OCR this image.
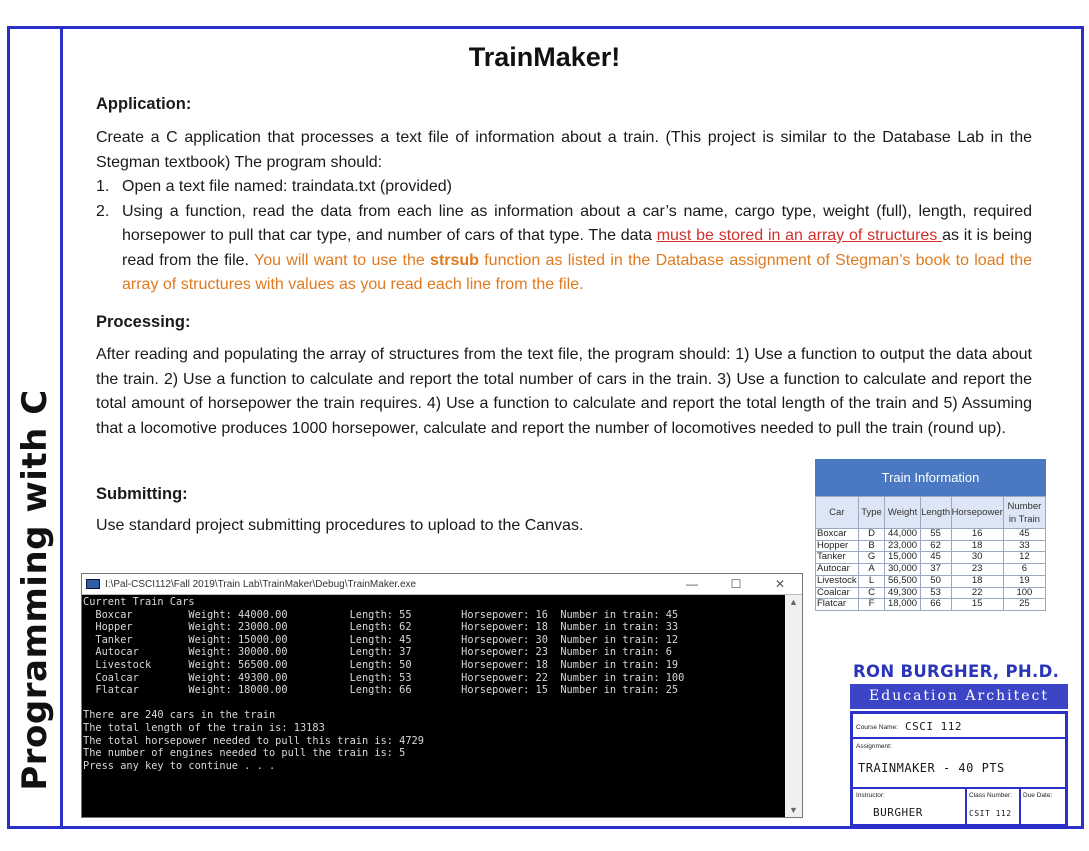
Programming with C
TrainMaker!
Application:
Create a C application that processes a text file of information about a train. (This project is similar to the Database Lab in the Stegman textbook) The program should:
1. Open a text file named: traindata.txt (provided)
2. Using a function, read the data from each line as information about a car’s name, cargo type, weight (full), length, required horsepower to pull that car type, and number of cars of that type. The data must be stored in an array of structures as it is being read from the file. You will want to use the strsub function as listed in the Database assignment of Stegman’s book to load the array of structures with values as you read each line from the file.
Processing:
After reading and populating the array of structures from the text file, the program should: 1) Use a function to output the data about the train. 2) Use a function to calculate and report the total number of cars in the train. 3) Use a function to calculate and report the total amount of horsepower the train requires. 4) Use a function to calculate and report the total length of the train and 5) Assuming that a locomotive produces 1000 horsepower, calculate and report the number of locomotives needed to pull the train (round up).
Submitting:
Use standard project submitting procedures to upload to the Canvas.
I:\Pal-CSCI112\Fall 2019\Train Lab\TrainMaker\Debug\TrainMaker.exe	—	☐	✕
Current Train Cars
Boxcar         Weight: 44000.00          Length: 55        Horsepower: 16  Number in train: 45
Hopper         Weight: 23000.00          Length: 62        Horsepower: 18  Number in train: 33
Tanker         Weight: 15000.00          Length: 45        Horsepower: 30  Number in train: 12
Autocar        Weight: 30000.00          Length: 37        Horsepower: 23  Number in train: 6
Livestock      Weight: 56500.00          Length: 50        Horsepower: 18  Number in train: 19
Coalcar        Weight: 49300.00          Length: 53        Horsepower: 22  Number in train: 100
Flatcar        Weight: 18000.00          Length: 66        Horsepower: 15  Number in train: 25
There are 240 cars in the train
The total length of the train is: 13183
The total horsepower needed to pull this train is: 4729
The number of engines needed to pull the train is: 5
Press any key to continue . . .
▲
▼
Train Information
Car	Type	Weight	Length	Horsepower	Number in Train
Boxcar	D	44,000	55	16	45
Hopper	B	23,000	62	18	33
Tanker	G	15,000	45	30	12
Autocar	A	30,000	37	23	6
Livestock	L	56,500	50	18	19
Coalcar	C	49,300	53	22	100
Flatcar	F	18,000	66	15	25
RON BURGHER, PH.D.
Education Architect
Course Name: CSCI 112
Assignment:
TRAINMAKER - 40 PTS
Instructor:
BURGHER
Class Number:
CSIT 112
Due Date:
